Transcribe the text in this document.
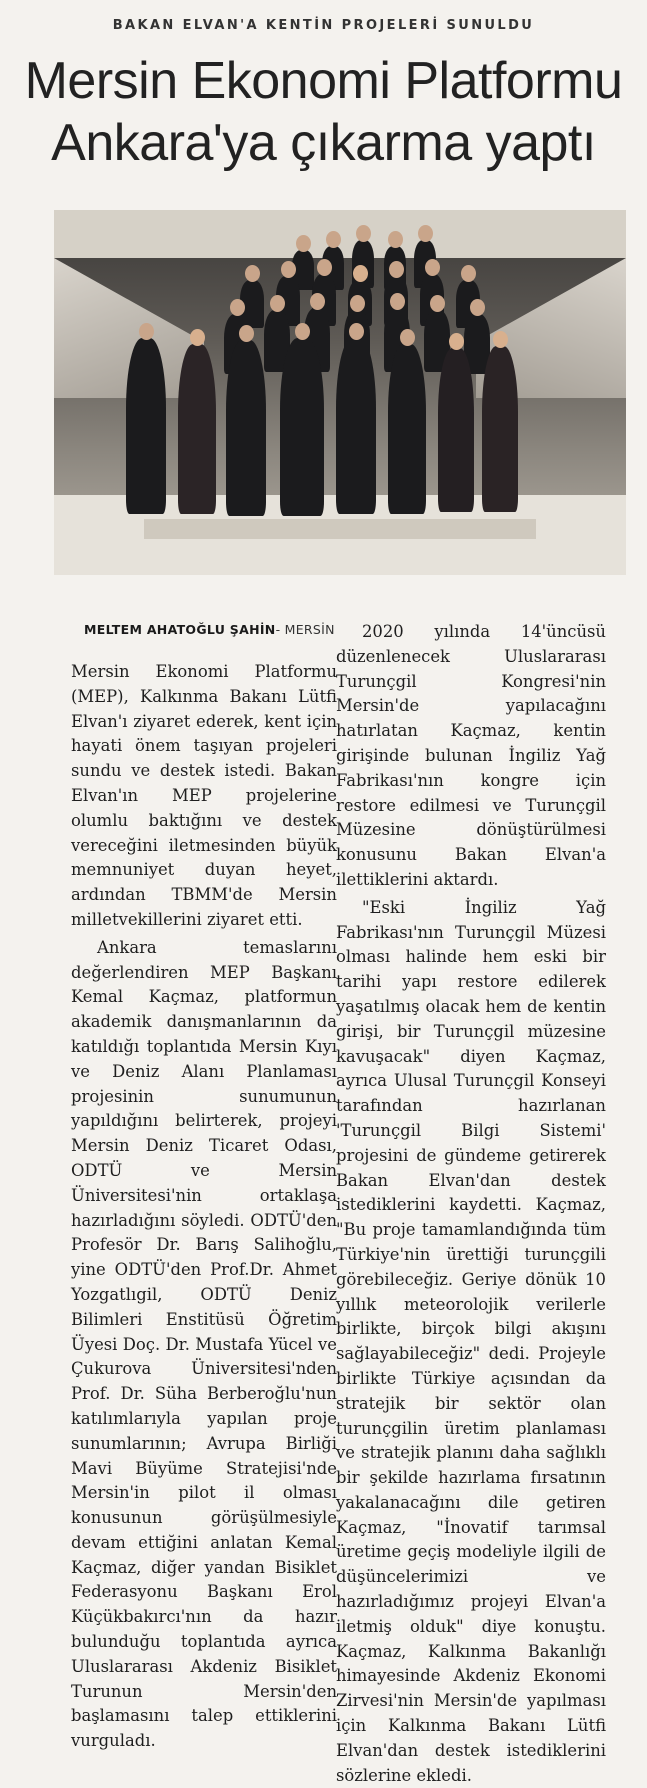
BAKAN ELVAN'A KENTİN PROJELERİ SUNULDU
Mersin Ekonomi Platformu
Ankara'ya çıkarma yaptı
MELTEM AHATOĞLU ŞAHİN- MERSİN

Mersin Ekonomi Platformu (MEP), Kalkınma Bakanı Lütfi Elvan'ı ziyaret ederek, kent için hayati önem taşıyan projeleri sundu ve destek istedi. Bakan Elvan'ın MEP projelerine olumlu baktığını ve destek vereceğini iletmesinden büyük memnuniyet duyan heyet, ardından TBMM'de Mersin milletvekillerini ziyaret etti.

Ankara temaslarını değerlendiren MEP Başkanı Kemal Kaçmaz, platformun akademik danışmanlarının da katıldığı toplantıda Mersin Kıyı ve Deniz Alanı Planlaması projesinin sunumunun yapıldığını belirterek, projeyi Mersin Deniz Ticaret Odası, ODTÜ ve Mersin Üniversitesi'nin ortaklaşa hazırladığını söyledi. ODTÜ'den Profesör Dr. Barış Salihoğlu, yine ODTÜ'den Prof.Dr. Ahmet Yozgatlıgil, ODTÜ Deniz Bilimleri Enstitüsü Öğretim Üyesi Doç. Dr. Mustafa Yücel ve Çukurova Üniversitesi'nden Prof. Dr. Süha Berberoğlu'nun katılımlarıyla yapılan proje sunumlarının; Avrupa Birliği Mavi Büyüme Stratejisi'nde Mersin'in pilot il olması konusunun görüşülmesiyle devam ettiğini anlatan Kemal Kaçmaz, diğer yandan Bisiklet Federasyonu Başkanı Erol Küçükbakırcı'nın da hazır bulunduğu toplantıda ayrıca Uluslararası Akdeniz Bisiklet Turunun Mersin'den başlamasını talep ettiklerini vurguladı.

2020 yılında 14'üncüsü düzenlenecek Uluslararası Turunçgil Kongresi'nin Mersin'de yapılacağını hatırlatan Kaçmaz, kentin girişinde bulunan İngiliz Yağ Fabrikası'nın kongre için restore edilmesi ve Turunçgil Müzesine dönüştürülmesi konusunu Bakan Elvan'a ilettiklerini aktardı.

"Eski İngiliz Yağ Fabrikası'nın Turunçgil Müzesi olması halinde hem eski bir tarihi yapı restore edilerek yaşatılmış olacak hem de kentin girişi, bir Turunçgil müzesine kavuşacak" diyen Kaçmaz, ayrıca Ulusal Turunçgil Konseyi tarafından hazırlanan 'Turunçgil Bilgi Sistemi' projesini de gündeme getirerek Bakan Elvan'dan destek istediklerini kaydetti. Kaçmaz, "Bu proje tamamlandığında tüm Türkiye'nin ürettiği turunçgili görebileceğiz. Geriye dönük 10 yıllık meteorolojik verilerle birlikte, birçok bilgi akışını sağlayabileceğiz" dedi. Projeyle birlikte Türkiye açısından da stratejik bir sektör olan turunçgilin üretim planlaması ve stratejik planını daha sağlıklı bir şekilde hazırlama fırsatının yakalanacağını dile getiren Kaçmaz, "İnovatif tarımsal üretime geçiş modeliyle ilgili de düşüncelerimizi ve hazırladığımız projeyi Elvan'a iletmiş olduk" diye konuştu. Kaçmaz, Kalkınma Bakanlığı himayesinde Akdeniz Ekonomi Zirvesi'nin Mersin'de yapılması için Kalkınma Bakanı Lütfi Elvan'dan destek istediklerini sözlerine ekledi.
